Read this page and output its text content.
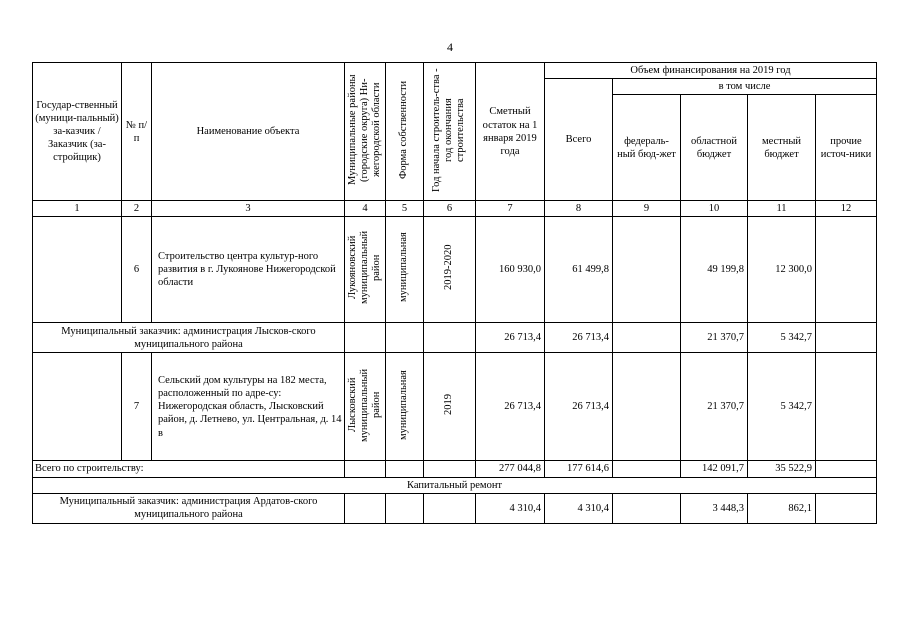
4
Государ-ственный (муници-пальный) за-казчик / Заказчик (за-стройщик)	№ п/п	Наименование объекта	Муниципальные районы (городские округа) Ни-жегородской области	Форма собственности	Год начала строитель-ства - год окончания строительства	Сметный остаток на 1 января 2019 года	Объем финансирования на 2019 год				
							Всего	в том числе			
								федераль-ный бюд-жет	областной бюджет	местный бюджет	прочие источ-ники
1	2	3	4	5	6	7	8	9	10	11	12
	6	Строительство центра культур-ного развития в г. Лукоянове Нижегородской области	Лукояновский муниципальный район	муниципальная	2019-2020	160 930,0	61 499,8		49 199,8	12 300,0	
Муниципальный заказчик: администрация Лысков-ского муниципального района						26 713,4	26 713,4		21 370,7	5 342,7	
	7	Сельский дом культуры на 182 места, расположенный по адре-су: Нижегородская область, Лысковский район, д. Летнево, ул. Центральная, д. 14 в	Лысковский муниципальный район	муниципальная	2019	26 713,4	26 713,4		21 370,7	5 342,7	
Всего по строительству:						277 044,8	177 614,6		142 091,7	35 522,9	
Капитальный ремонт											
Муниципальный заказчик: администрация Ардатов-ского муниципального района						4 310,4	4 310,4		3 448,3	862,1	
